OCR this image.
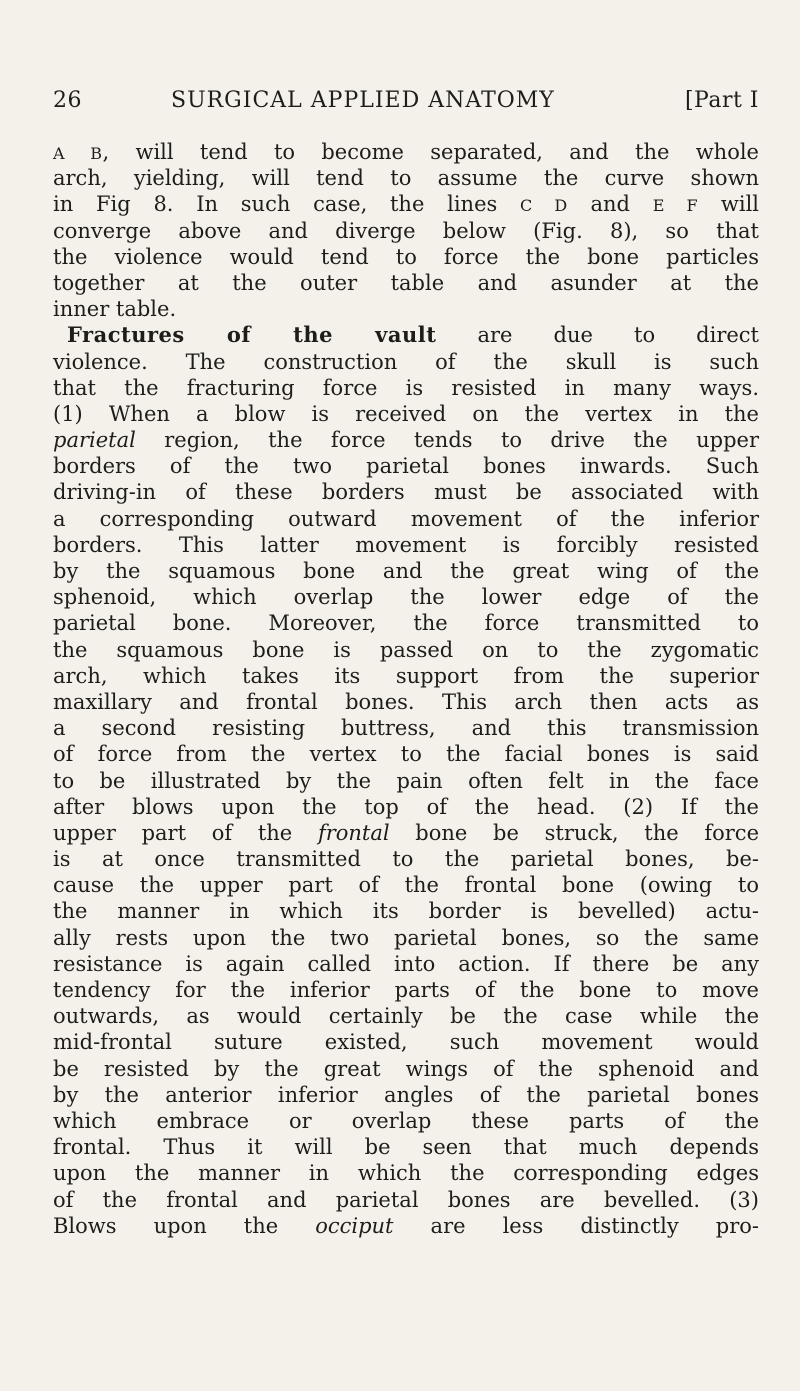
26	SURGICAL APPLIED ANATOMY	[Part I
A B, will tend to become separated, and the whole
arch, yielding, will tend to assume the curve shown
in Fig 8. In such case, the lines C D and E F will
converge above and diverge below (Fig. 8), so that
the violence would tend to force the bone particles
together at the outer table and asunder at the
inner table.
Fractures of the vault are due to direct
violence. The construction of the skull is such
that the fracturing force is resisted in many ways.
(1) When a blow is received on the vertex in the
parietal region, the force tends to drive the upper
borders of the two parietal bones inwards. Such
driving-in of these borders must be associated with
a corresponding outward movement of the inferior
borders. This latter movement is forcibly resisted
by the squamous bone and the great wing of the
sphenoid, which overlap the lower edge of the
parietal bone. Moreover, the force transmitted to
the squamous bone is passed on to the zygomatic
arch, which takes its support from the superior
maxillary and frontal bones. This arch then acts as
a second resisting buttress, and this transmission
of force from the vertex to the facial bones is said
to be illustrated by the pain often felt in the face
after blows upon the top of the head. (2) If the
upper part of the frontal bone be struck, the force
is at once transmitted to the parietal bones, be-
cause the upper part of the frontal bone (owing to
the manner in which its border is bevelled) actu-
ally rests upon the two parietal bones, so the same
resistance is again called into action. If there be any
tendency for the inferior parts of the bone to move
outwards, as would certainly be the case while the
mid-frontal suture existed, such movement would
be resisted by the great wings of the sphenoid and
by the anterior inferior angles of the parietal bones
which embrace or overlap these parts of the
frontal. Thus it will be seen that much depends
upon the manner in which the corresponding edges
of the frontal and parietal bones are bevelled. (3)
Blows upon the occiput are less distinctly pro-
